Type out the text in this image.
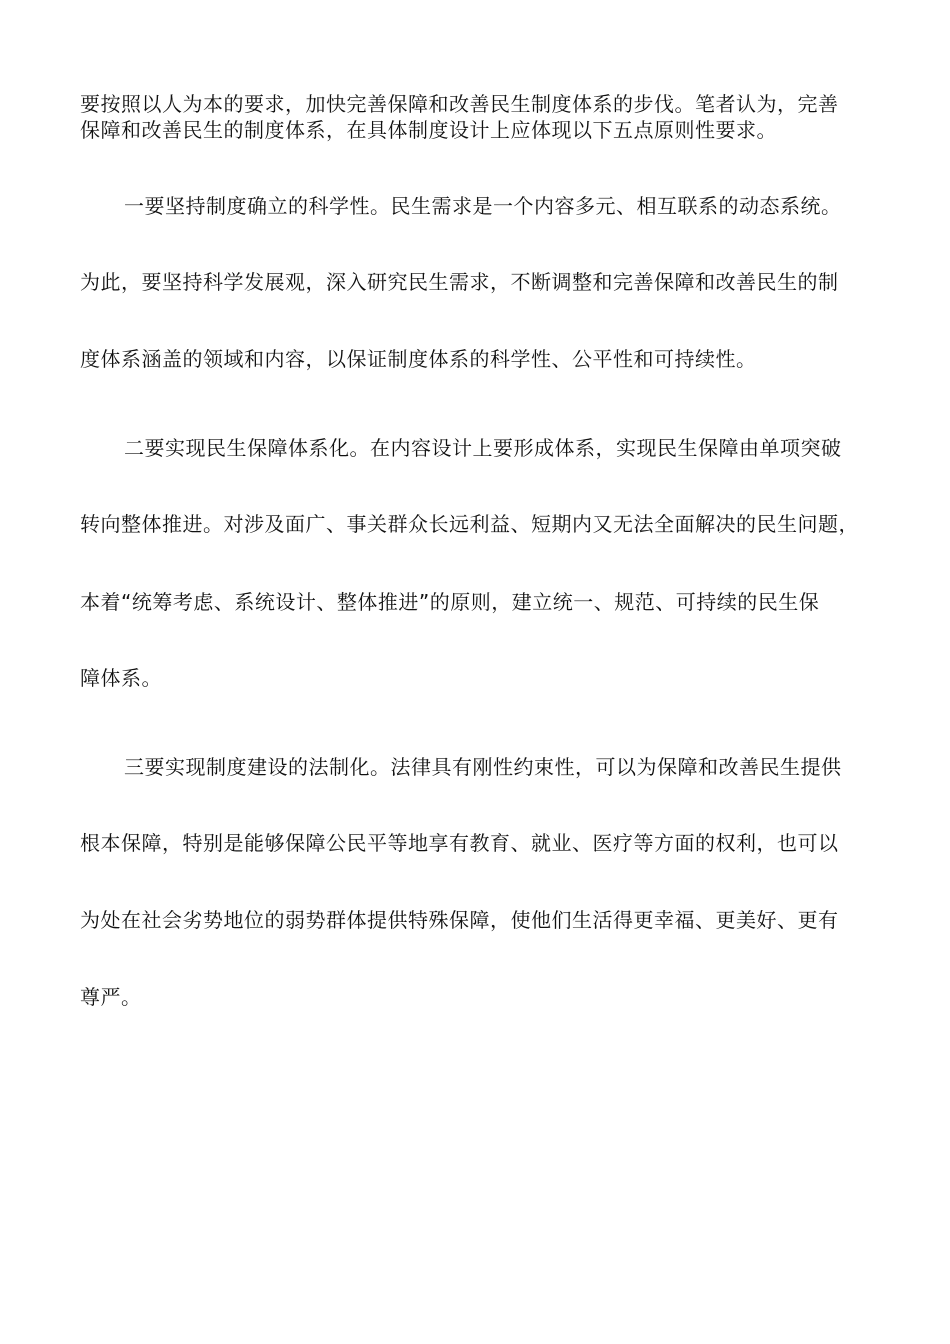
要按照以人为本的要求，加快完善保障和改善民生制度体系的步伐。笔者认为，完善
保障和改善民生的制度体系，在具体制度设计上应体现以下五点原则性要求。
一要坚持制度确立的科学性。民生需求是一个内容多元、相互联系的动态系统。
为此，要坚持科学发展观，深入研究民生需求，不断调整和完善保障和改善民生的制
度体系涵盖的领域和内容，以保证制度体系的科学性、公平性和可持续性。
二要实现民生保障体系化。在内容设计上要形成体系，实现民生保障由单项突破
转向整体推进。对涉及面广、事关群众长远利益、短期内又无法全面解决的民生问题，
本着“统筹考虑、系统设计、整体推进”的原则，建立统一、规范、可持续的民生保
障体系。
三要实现制度建设的法制化。法律具有刚性约束性，可以为保障和改善民生提供
根本保障，特别是能够保障公民平等地享有教育、就业、医疗等方面的权利，也可以
为处在社会劣势地位的弱势群体提供特殊保障，使他们生活得更幸福、更美好、更有
尊严。
